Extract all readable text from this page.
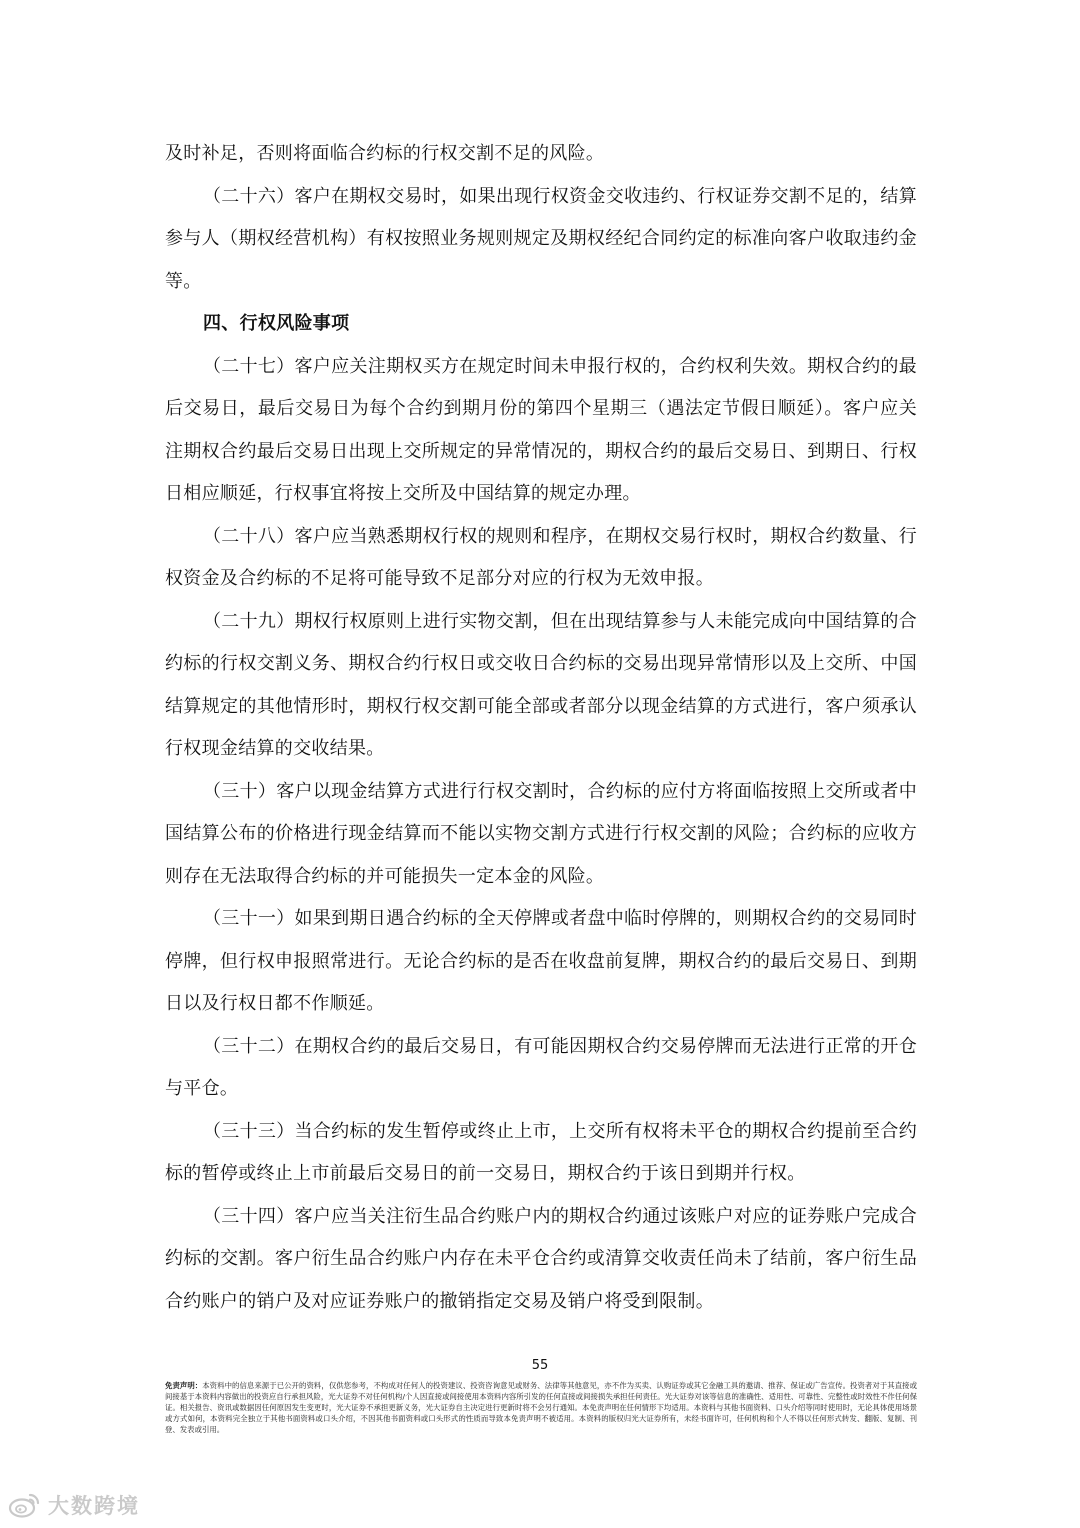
及时补足，否则将面临合约标的行权交割不足的风险。

（二十六）客户在期权交易时，如果出现行权资金交收违约、行权证券交割不足的，结算参与人（期权经营机构）有权按照业务规则规定及期权经纪合同约定的标准向客户收取违约金等。

四、行权风险事项

（二十七）客户应关注期权买方在规定时间未申报行权的，合约权利失效。期权合约的最后交易日，最后交易日为每个合约到期月份的第四个星期三（遇法定节假日顺延）。客户应关注期权合约最后交易日出现上交所规定的异常情况的，期权合约的最后交易日、到期日、行权日相应顺延，行权事宜将按上交所及中国结算的规定办理。

（二十八）客户应当熟悉期权行权的规则和程序，在期权交易行权时，期权合约数量、行权资金及合约标的不足将可能导致不足部分对应的行权为无效申报。

（二十九）期权行权原则上进行实物交割，但在出现结算参与人未能完成向中国结算的合约标的行权交割义务、期权合约行权日或交收日合约标的交易出现异常情形以及上交所、中国结算规定的其他情形时，期权行权交割可能全部或者部分以现金结算的方式进行，客户须承认行权现金结算的交收结果。

（三十）客户以现金结算方式进行行权交割时，合约标的应付方将面临按照上交所或者中国结算公布的价格进行现金结算而不能以实物交割方式进行行权交割的风险；合约标的应收方则存在无法取得合约标的并可能损失一定本金的风险。

（三十一）如果到期日遇合约标的全天停牌或者盘中临时停牌的，则期权合约的交易同时停牌，但行权申报照常进行。无论合约标的是否在收盘前复牌，期权合约的最后交易日、到期日以及行权日都不作顺延。

（三十二）在期权合约的最后交易日，有可能因期权合约交易停牌而无法进行正常的开仓与平仓。

（三十三）当合约标的发生暂停或终止上市，上交所有权将未平仓的期权合约提前至合约标的暂停或终止上市前最后交易日的前一交易日，期权合约于该日到期并行权。

（三十四）客户应当关注衍生品合约账户内的期权合约通过该账户对应的证券账户完成合约标的交割。客户衍生品合约账户内存在未平仓合约或清算交收责任尚未了结前，客户衍生品合约账户的销户及对应证券账户的撤销指定交易及销户将受到限制。

55
免责声明：本资料中的信息来源于已公开的资料，仅供您参考，不构成对任何人的投资建议、投资咨询意见或财务、法律等其他意见，亦不作为买卖、认购证券或其它金融工具的邀请、推荐、保证或广告宣传。投资者对于其直接或间接基于本资料内容做出的投资应自行承担风险，光大证券不对任何机构/个人因直接或间接使用本资料内容所引发的任何直接或间接损失承担任何责任。光大证券对该等信息的准确性、适用性、可靠性、完整性或时效性不作任何保证。相关报告、资讯或数据因任何原因发生变更时，光大证券不承担更新义务，光大证券自主决定进行更新时将不会另行通知。本免责声明在任何情形下均适用。本资料与其他书面资料、口头介绍等同时使用时，无论具体使用场景或方式如何，本资料完全独立于其他书面资料或口头介绍，不因其他书面资料或口头形式的性质而导致本免责声明不被适用。本资料的版权归光大证券所有，未经书面许可，任何机构和个人不得以任何形式转发、翻版、复制、刊登、发表或引用。
大数跨境
